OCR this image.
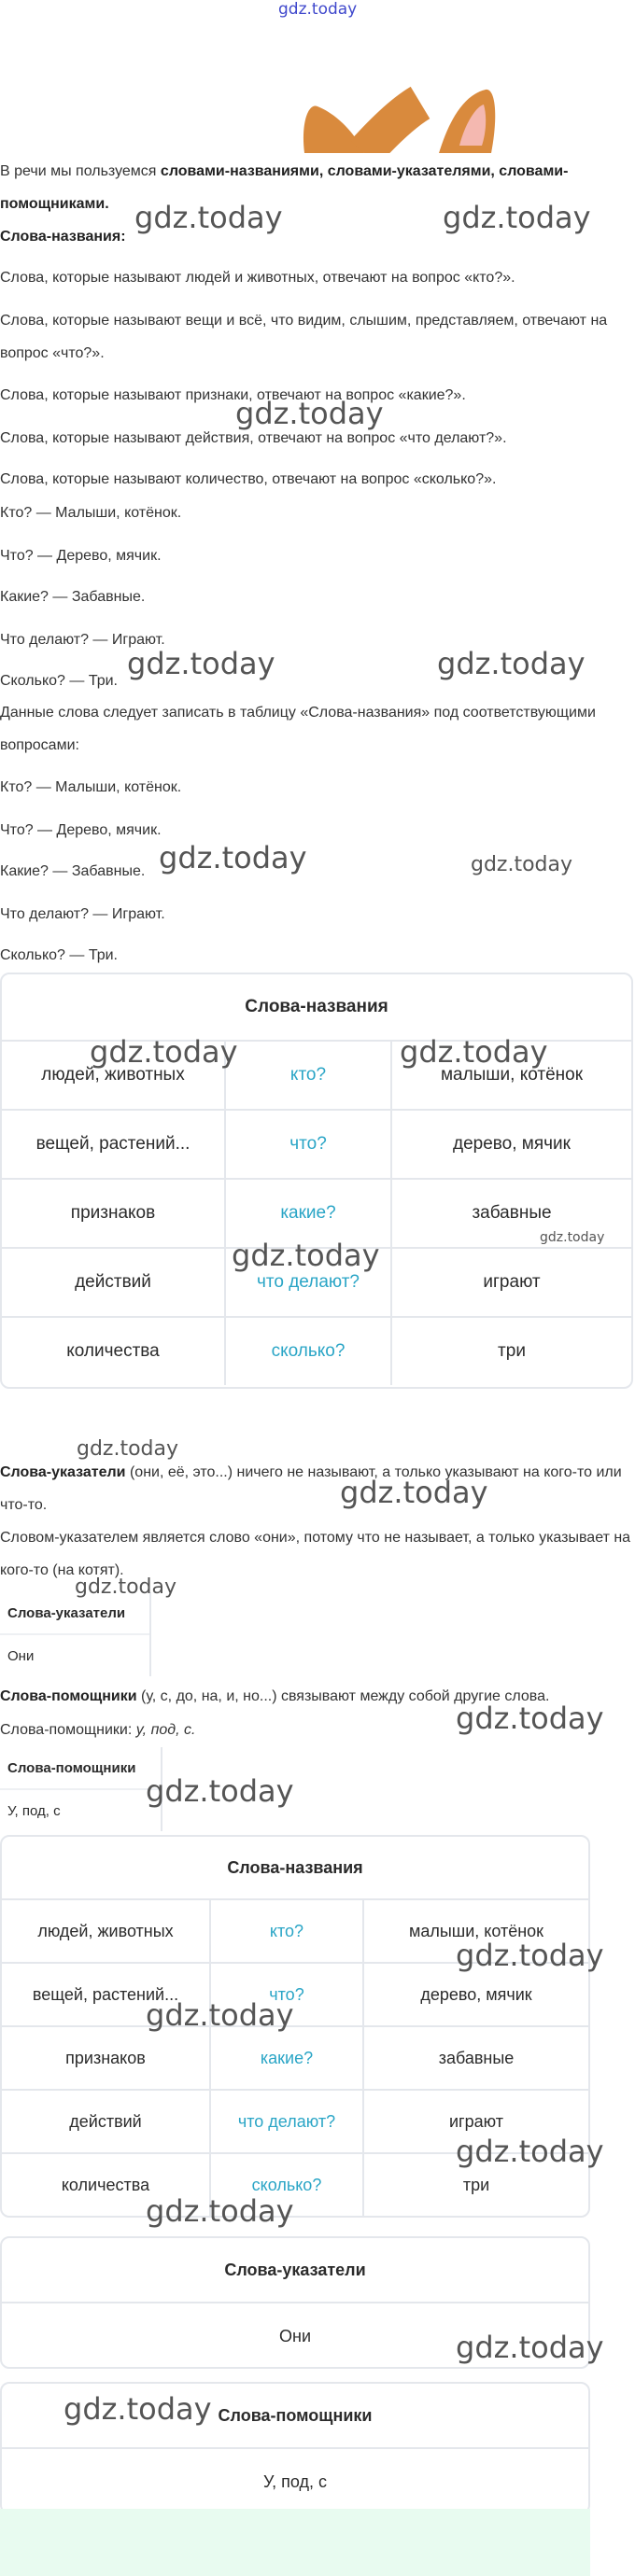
gdz.today

В речи мы пользуемся словами-названиями, словами-указателями, словами-помощниками.

Слова-названия:

Слова, которые называют людей и животных, отвечают на вопрос «кто?».

Слова, которые называют вещи и всё, что видим, слышим, представляем, отвечают на вопрос «что?».

Слова, которые называют признаки, отвечают на вопрос «какие?».

Слова, которые называют действия, отвечают на вопрос «что делают?».

Слова, которые называют количество, отвечают на вопрос «сколько?».

Кто? — Малыши, котёнок.

Что? — Дерево, мячик.

Какие? — Забавные.

Что делают? — Играют.

Сколько? — Три.

Данные слова следует записать в таблицу «Слова-названия» под соответствующими вопросами:

Кто? — Малыши, котёнок.

Что? — Дерево, мячик.

Какие? — Забавные.

Что делают? — Играют.

Сколько? — Три.

Слова-названия
людей, животных	кто?	малыши, котёнок
вещей, растений...	что?	дерево, мячик
признаков	какие?	забавные
действий	что делают?	играют
количества	сколько?	три

Слова-указатели (они, её, это...) ничего не называют, а только указывают на кого-то или что-то.

Словом-указателем является слово «они», потому что не называет, а только указывает на кого-то (на котят).

Слова-указатели
Они

Слова-помощники (у, с, до, на, и, но...) связывают между собой другие слова.

Слова-помощники: у, под, с.

Слова-помощники
У, под, с
Слова-названия
людей, животных	кто?	малыши, котёнок
вещей, растений...	что?	дерево, мячик
признаков	какие?	забавные
действий	что делают?	играют
количества	сколько?	три
Слова-указатели
Они
Слова-помощники
У, под, с
gdz.today	gdz.today
gdz.today
gdz.today	gdz.today
gdz.today	gdz.today
gdz.today	gdz.today
gdz.today
gdz.today
gdz.today
gdz.today
gdz.today
gdz.today
gdz.today
gdz.today
gdz.today
gdz.today
gdz.today
gdz.today
gdz.today
